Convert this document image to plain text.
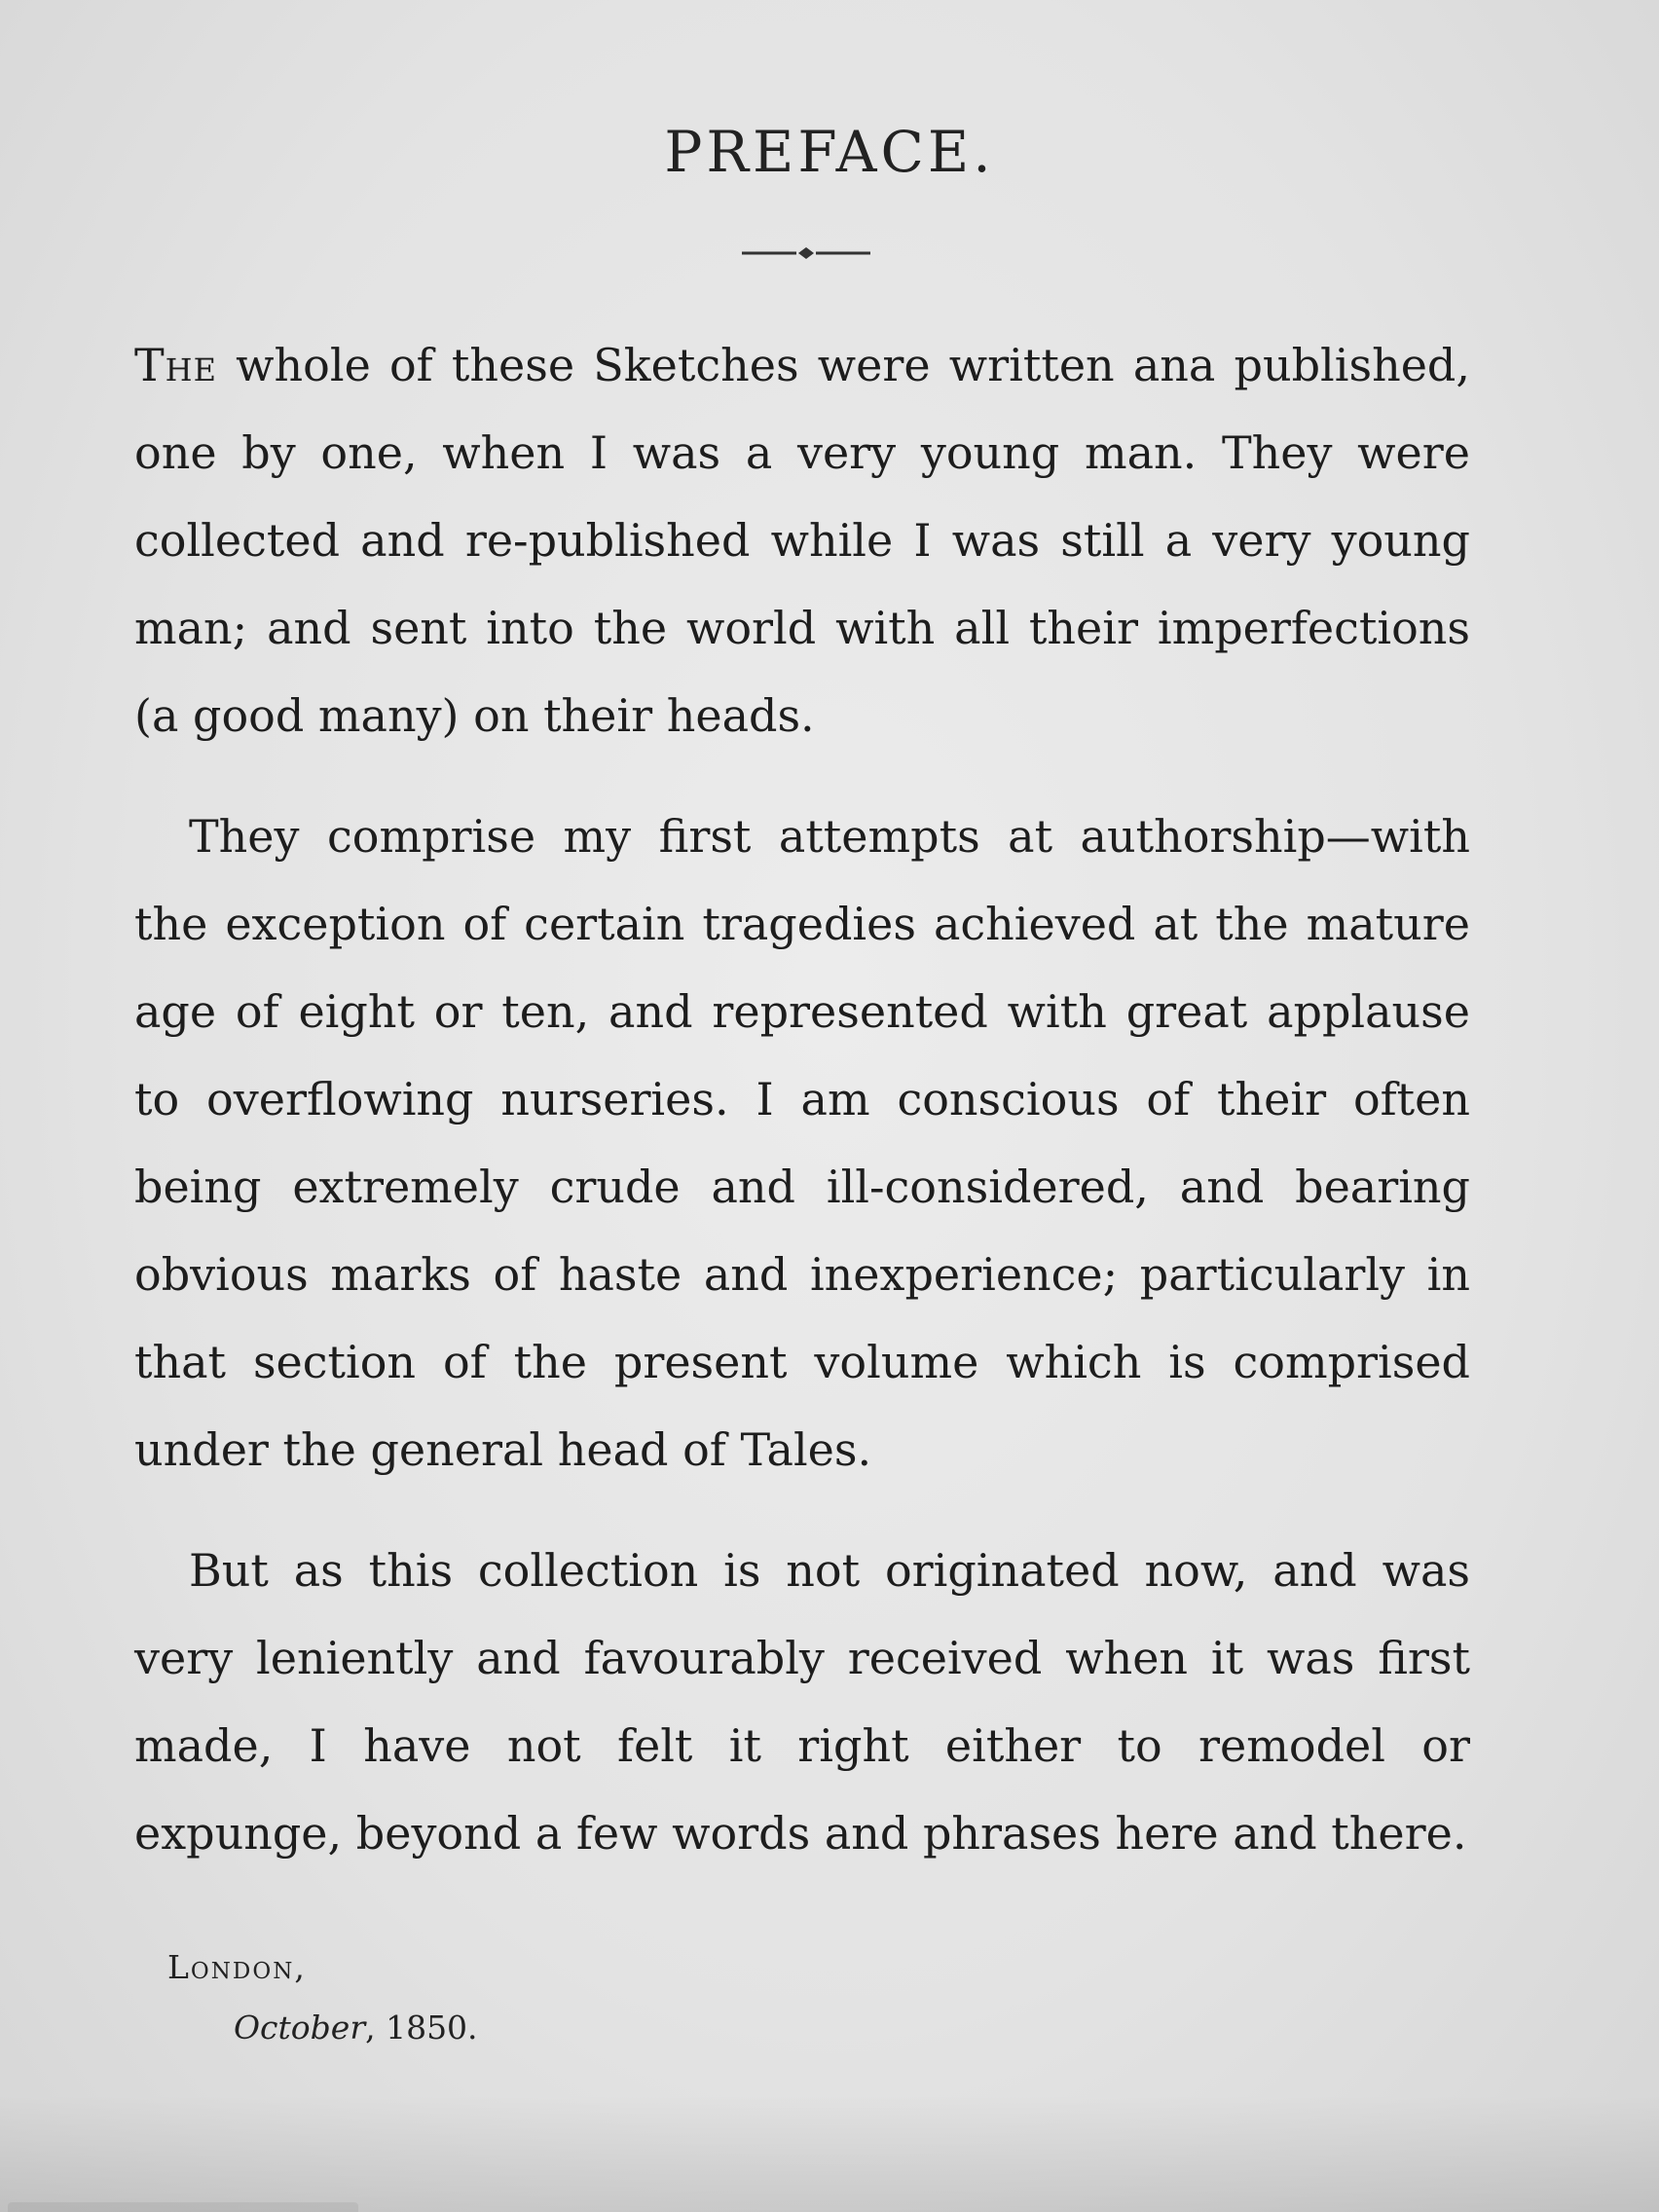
PREFACE.

The whole of these Sketches were written ana published, one by one, when I was a very young man. They were collected and re-published while I was still a very young man; and sent into the world with all their imperfections (a good many) on their heads.

They comprise my first attempts at authorship—with the exception of certain tragedies achieved at the mature age of eight or ten, and represented with great applause to overflowing nurseries. I am conscious of their often being extremely crude and ill-considered, and bearing obvious marks of haste and inexperience; particularly in that section of the present volume which is comprised under the general head of Tales.

But as this collection is not originated now, and was very leniently and favourably received when it was first made, I have not felt it right either to remodel or expunge, beyond a few words and phrases here and there.

London,
October, 1850.
